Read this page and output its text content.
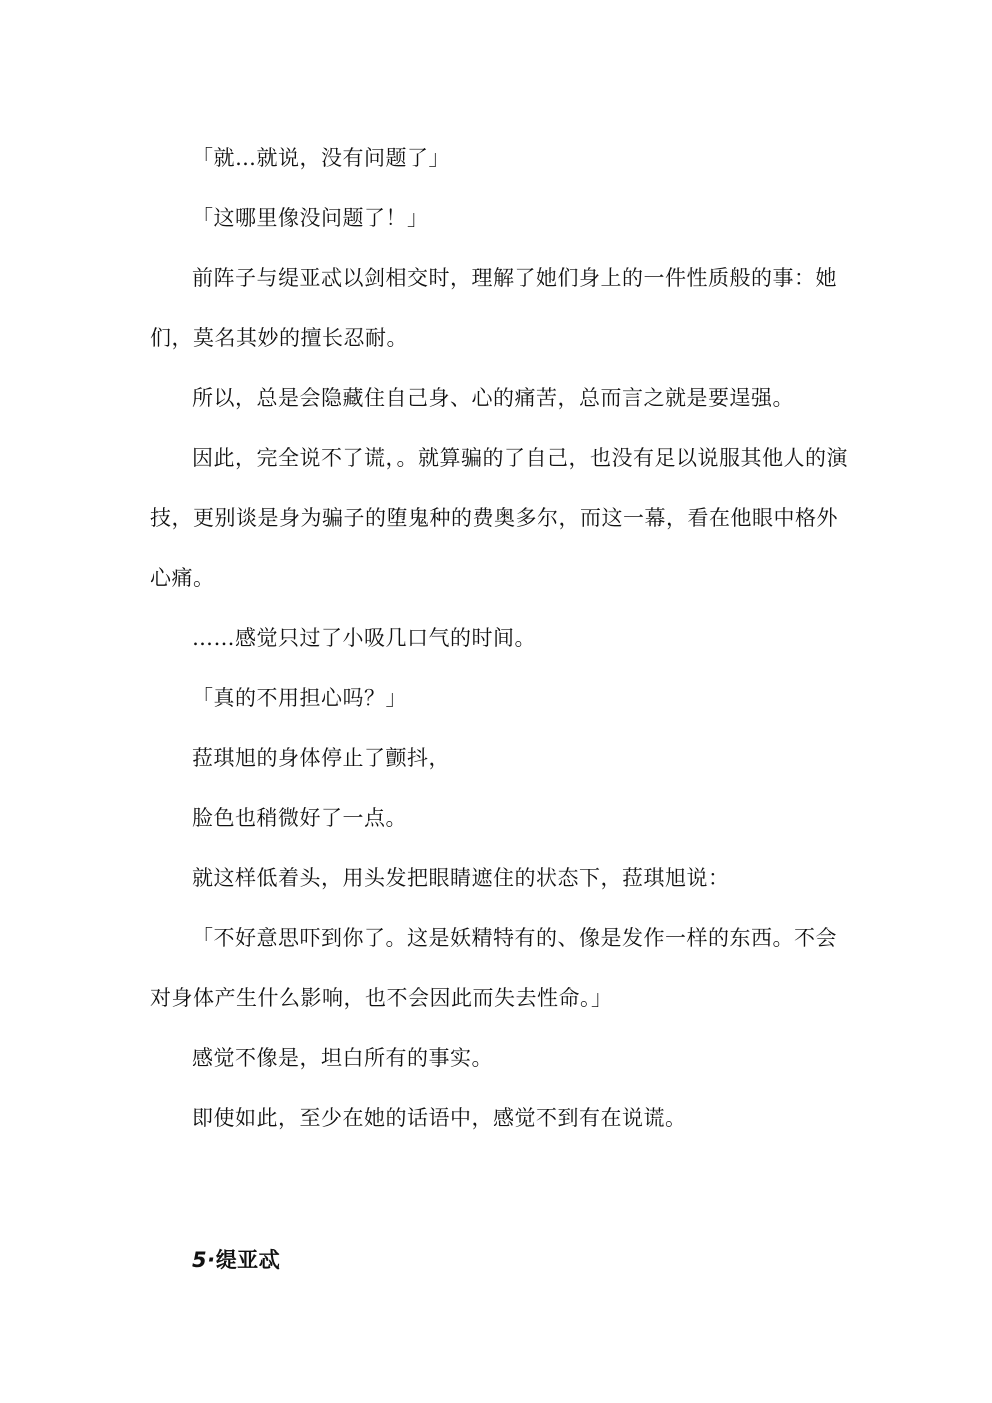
「就…就说，没有问题了」

「这哪里像没问题了！」

前阵子与缇亚忒以剑相交时，理解了她们身上的一件性质般的事：她们，莫名其妙的擅长忍耐。

所以，总是会隐藏住自己身、心的痛苦，总而言之就是要逞强。

因此，完全说不了谎，。就算骗的了自己，也没有足以说服其他人的演技，更别谈是身为骗子的堕鬼种的费奥多尔，而这一幕，看在他眼中格外心痛。

……感觉只过了小吸几口气的时间。

「真的不用担心吗？」

菈琪旭的身体停止了颤抖，

脸色也稍微好了一点。

就这样低着头，用头发把眼睛遮住的状态下，菈琪旭说：

「不好意思吓到你了。这是妖精特有的、像是发作一样的东西。不会对身体产生什么影响，也不会因此而失去性命。」

感觉不像是，坦白所有的事实。

即使如此，至少在她的话语中，感觉不到有在说谎。

5·缇亚忒
